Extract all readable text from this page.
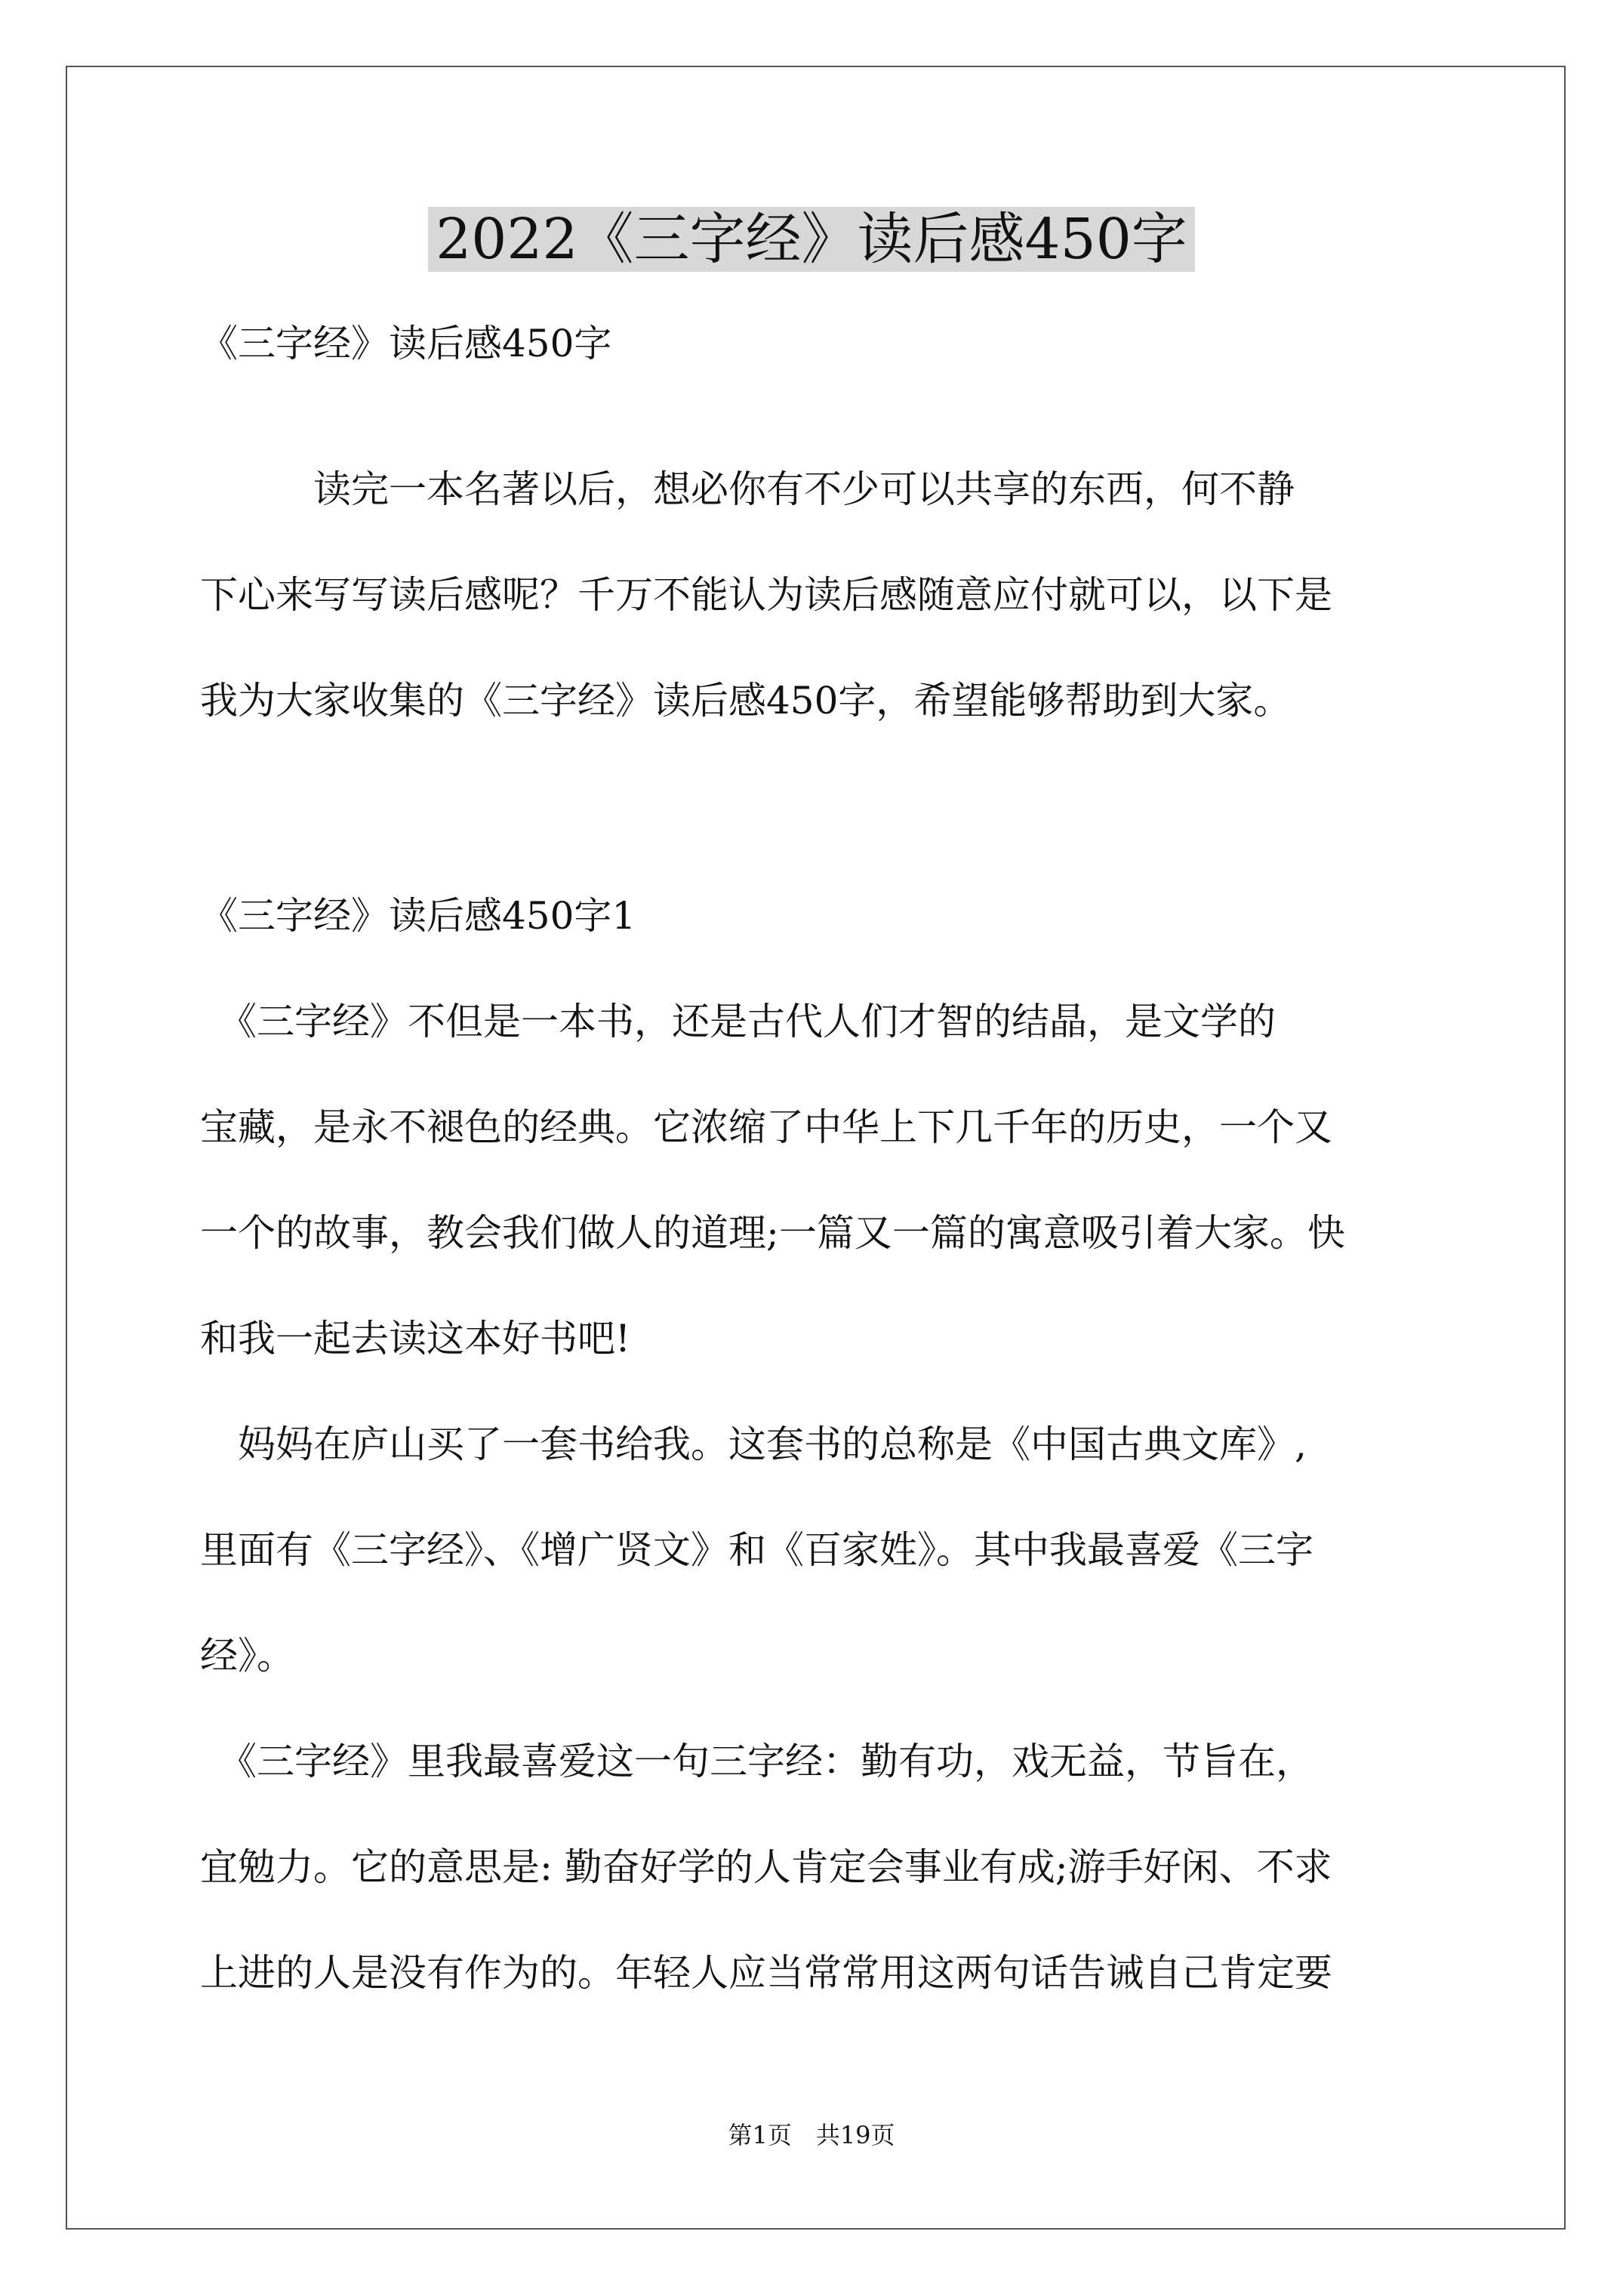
2022《三字经》读后感450字

《三字经》读后感450字

　　　读完一本名著以后，想必你有不少可以共享的东西，何不静

下心来写写读后感呢？千万不能认为读后感随意应付就可以，以下是

我为大家收集的《三字经》读后感450字，希望能够帮助到大家。

《三字经》读后感450字1

　《三字经》不但是一本书，还是古代人们才智的结晶，是文学的

宝藏，是永不褪色的经典。它浓缩了中华上下几千年的历史，一个又

一个的故事，教会我们做人的道理;一篇又一篇的寓意吸引着大家。快

和我一起去读这本好书吧!

　妈妈在庐山买了一套书给我。这套书的总称是《中国古典文库》,

里面有《三字经》、《增广贤文》和《百家姓》。其中我最喜爱《三字

经》。

　《三字经》里我最喜爱这一句三字经：勤有功，戏无益，节旨在，

宜勉力。它的意思是: 勤奋好学的人肯定会事业有成;游手好闲、不求

上进的人是没有作为的。年轻人应当常常用这两句话告诫自己肯定要

第1页　共19页
